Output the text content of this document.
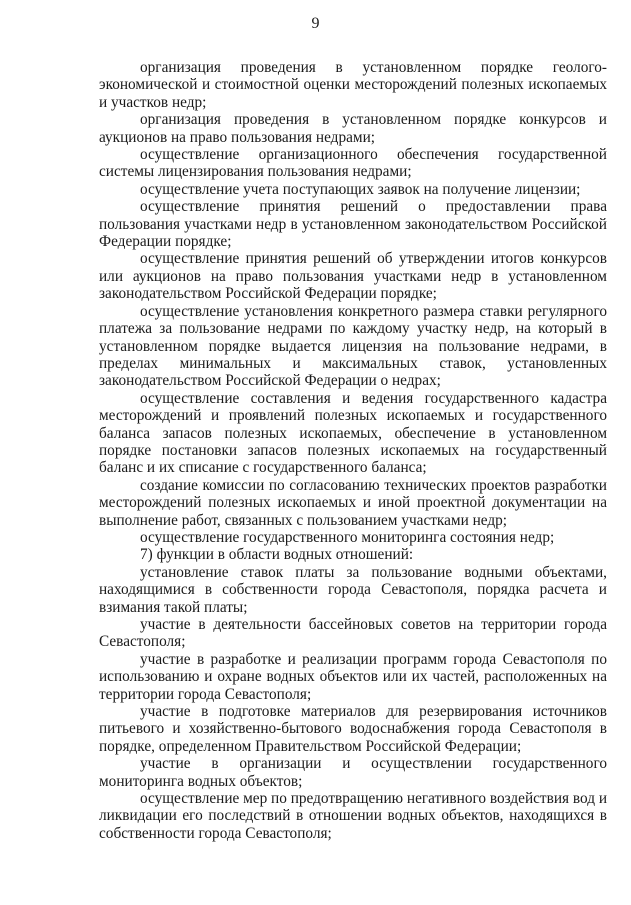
9

организация проведения в установленном порядке геолого-экономической и стоимостной оценки месторождений полезных ископаемых и участков недр;

организация проведения в установленном порядке конкурсов и аукционов на право пользования недрами;

осуществление организационного обеспечения государственной системы лицензирования пользования недрами;

осуществление учета поступающих заявок на получение лицензии;

осуществление принятия решений о предоставлении права пользования участками недр в установленном законодательством Российской Федерации порядке;

осуществление принятия решений об утверждении итогов конкурсов или аукционов на право пользования участками недр в установленном законодательством Российской Федерации порядке;

осуществление установления конкретного размера ставки регулярного платежа за пользование недрами по каждому участку недр, на который в установленном порядке выдается лицензия на пользование недрами, в пределах минимальных и максимальных ставок, установленных законодательством Российской Федерации о недрах;

осуществление составления и ведения государственного кадастра месторождений и проявлений полезных ископаемых и государственного баланса запасов полезных ископаемых, обеспечение в установленном порядке постановки запасов полезных ископаемых на государственный баланс и их списание с государственного баланса;

создание комиссии по согласованию технических проектов разработки месторождений полезных ископаемых и иной проектной документации на выполнение работ, связанных с пользованием участками недр;

осуществление государственного мониторинга состояния недр;

7) функции в области водных отношений:

установление ставок платы за пользование водными объектами, находящимися в собственности города Севастополя, порядка расчета и взимания такой платы;

участие в деятельности бассейновых советов на территории города Севастополя;

участие в разработке и реализации программ города Севастополя по использованию и охране водных объектов или их частей, расположенных на территории города Севастополя;

участие в подготовке материалов для резервирования источников питьевого и хозяйственно-бытового водоснабжения города Севастополя в порядке, определенном Правительством Российской Федерации;

участие в организации и осуществлении государственного мониторинга водных объектов;

осуществление мер по предотвращению негативного воздействия вод и ликвидации его последствий в отношении водных объектов, находящихся в собственности города Севастополя;
